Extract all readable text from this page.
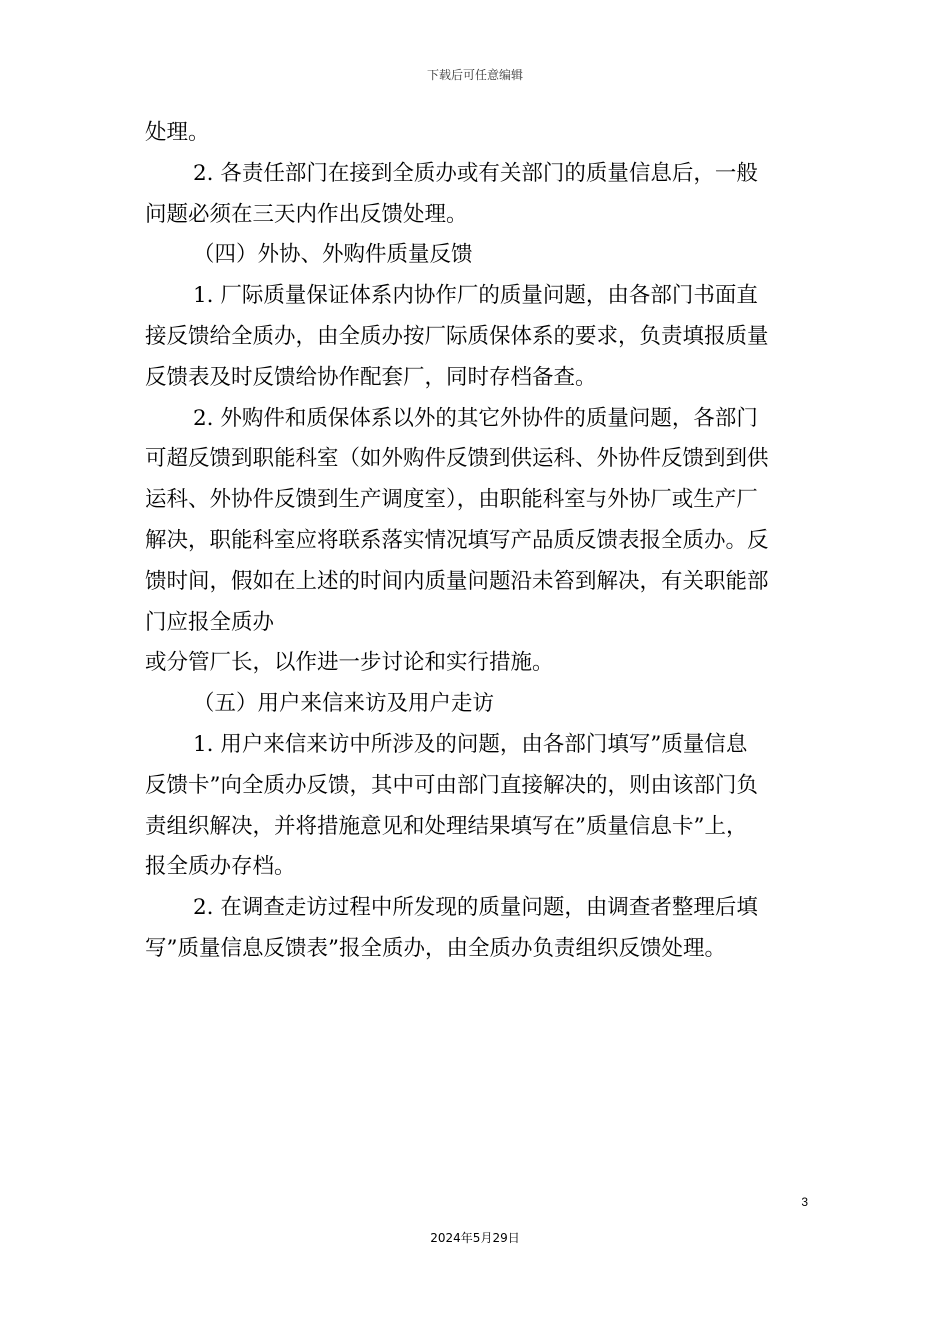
下载后可任意编辑

处理。

2. 各责任部门在接到全质办或有关部门的质量信息后，一般

问题必须在三天内作出反馈处理。

（四）外协、外购件质量反馈

1. 厂际质量保证体系内协作厂的质量问题，由各部门书面直

接反馈给全质办，由全质办按厂际质保体系的要求，负责填报质量

反馈表及时反馈给协作配套厂，同时存档备查。

2. 外购件和质保体系以外的其它外协件的质量问题，各部门

可超反馈到职能科室（如外购件反馈到供运科、外协件反馈到到供

运科、外协件反馈到生产调度室），由职能科室与外协厂或生产厂

解决，职能科室应将联系落实情况填写产品质反馈表报全质办。反

馈时间，假如在上述的时间内质量问题沿未笞到解决，有关职能部

门应报全质办

或分管厂长，以作进一步讨论和实行措施。

（五）用户来信来访及用户走访

1. 用户来信来访中所涉及的问题，由各部门填写”质量信息

反馈卡”向全质办反馈，其中可由部门直接解决的，则由该部门负

责组织解决，并将措施意见和处理结果填写在”质量信息卡”上，

报全质办存档。

2. 在调查走访过程中所发现的质量问题，由调查者整理后填

写”质量信息反馈表”报全质办，由全质办负责组织反馈处理。

3
2024年5月29日
